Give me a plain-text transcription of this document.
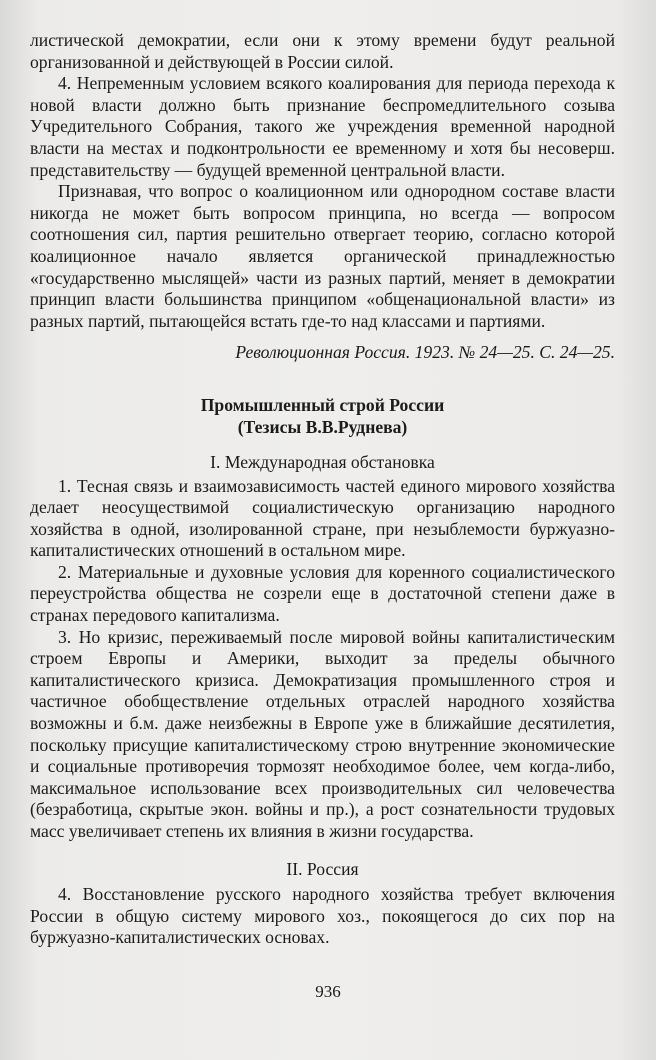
листической демократии, если они к этому времени будут реальной организованной и действующей в России силой.

4. Непременным условием всякого коалирования для периода перехода к новой власти должно быть признание беспромедлительного созыва Учредительного Собрания, такого же учреждения временной народной власти на местах и подконтрольности ее временному и хотя бы несоверш. представительству — будущей временной центральной власти.

Признавая, что вопрос о коалиционном или однородном составе власти никогда не может быть вопросом принципа, но всегда — вопросом соотношения сил, партия решительно отвергает теорию, согласно которой коалиционное начало является органической принадлежностью «государственно мыслящей» части из разных партий, меняет в демократии принцип власти большинства принципом «общенациональной власти» из разных партий, пытающейся встать где-то над классами и партиями.

Революционная Россия. 1923. № 24—25. С. 24—25.

Промышленный строй России
(Тезисы В.В.Руднева)
I. Международная обстановка

1. Тесная связь и взаимозависимость частей единого мирового хозяйства делает неосуществимой социалистическую организацию народного хозяйства в одной, изолированной стране, при незыблемости буржуазно-капиталистических отношений в остальном мире.

2. Материальные и духовные условия для коренного социалистического переустройства общества не созрели еще в достаточной степени даже в странах передового капитализма.

3. Но кризис, переживаемый после мировой войны капиталистическим строем Европы и Америки, выходит за пределы обычного капиталистического кризиса. Демократизация промышленного строя и частичное обобществление отдельных отраслей народного хозяйства возможны и б.м. даже неизбежны в Европе уже в ближайшие десятилетия, поскольку присущие капиталистическому строю внутренние экономические и социальные противоречия тормозят необходимое более, чем когда-либо, максимальное использование всех производительных сил человечества (безработица, скрытые экон. войны и пр.), а рост сознательности трудовых масс увеличивает степень их влияния в жизни государства.

II. Россия

4. Восстановление русского народного хозяйства требует включения России в общую систему мирового хоз., покоящегося до сих пор на буржуазно-капиталистических основах.

936
